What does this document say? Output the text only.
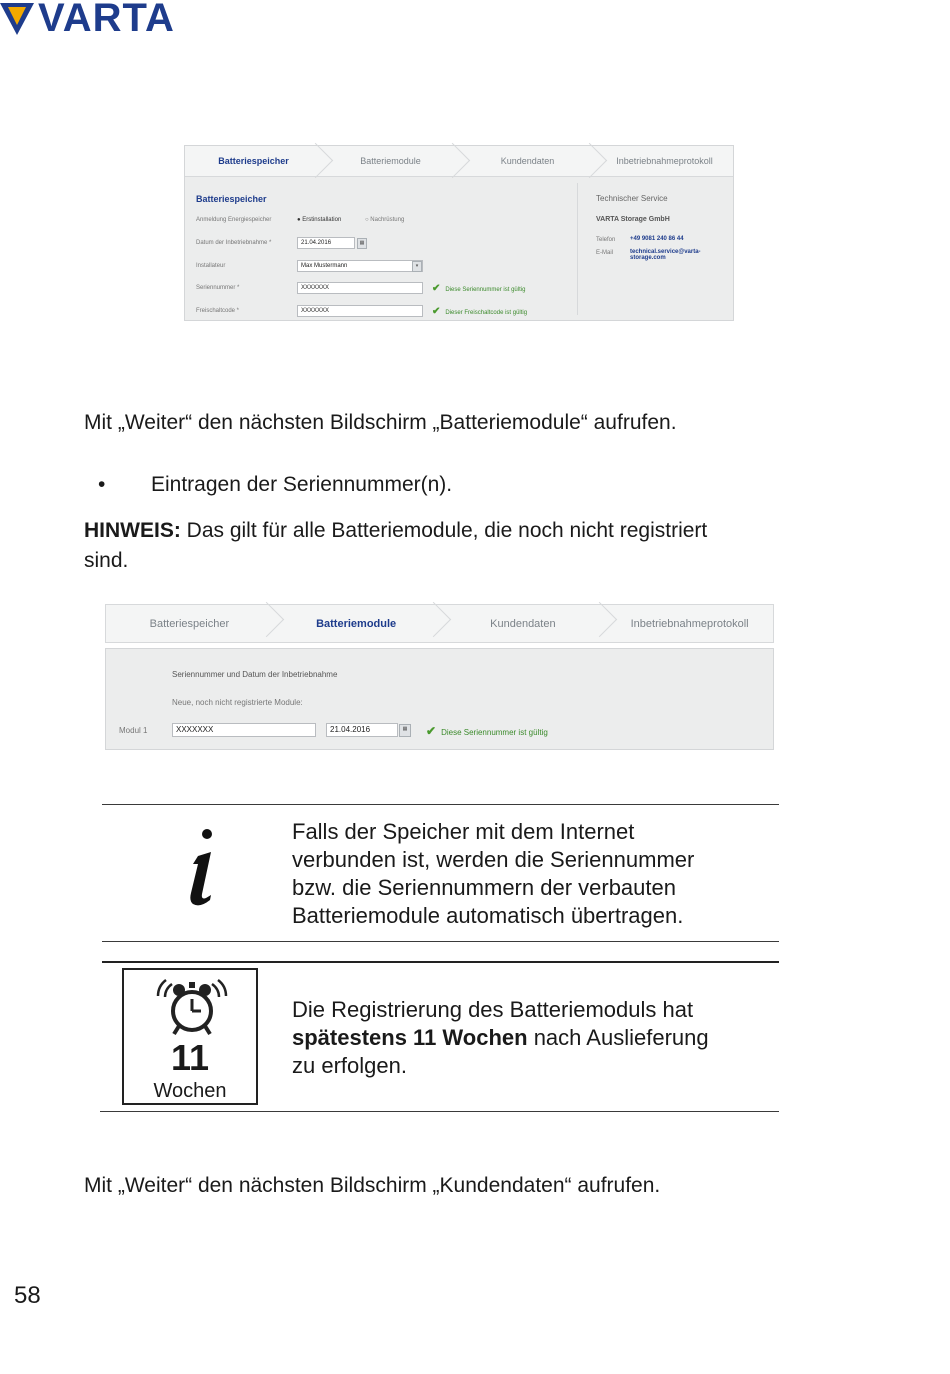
VARTA
Batteriespeicher	Batteriemodule	Kundendaten	Inbetriebnahmeprotokoll
Batteriespeicher
Anmeldung Energiespeicher	● Erstinstallation	○ Nachrüstung
Datum der Inbetriebnahme *	21.04.2016	▦
Installateur	Max Mustermann	▾
Seriennummer *	XXXXXXX	✔ Diese Seriennummer ist gültig
Freischaltcode *	XXXXXXX	✔ Dieser Freischaltcode ist gültig
Technischer Service
VARTA Storage GmbH
Telefon +49 9081 240 86 44
E-Mail	technical.service@varta-
storage.com
Mit „Weiter“ den nächsten Bildschirm „Batteriemodule“ aufrufen.
• Eintragen der Seriennummer(n).
HINWEIS: Das gilt für alle Batteriemodule, die noch nicht registriert
sind.
Batteriespeicher	Batteriemodule	Kundendaten	Inbetriebnahmeprotokoll
Seriennummer und Datum der Inbetriebnahme
Neue, noch nicht registrierte Module:
Modul 1	XXXXXXX	21.04.2016	▦	✔ Diese Seriennummer ist gültig
Falls der Speicher mit dem Internet
verbunden ist, werden die Seriennummer
bzw. die Seriennummern der verbauten
Batteriemodule automatisch übertragen.
11
Wochen
Die Registrierung des Batteriemoduls hat
spätestens 11 Wochen nach Auslieferung
zu erfolgen.
Mit „Weiter“ den nächsten Bildschirm „Kundendaten“ aufrufen.
58
